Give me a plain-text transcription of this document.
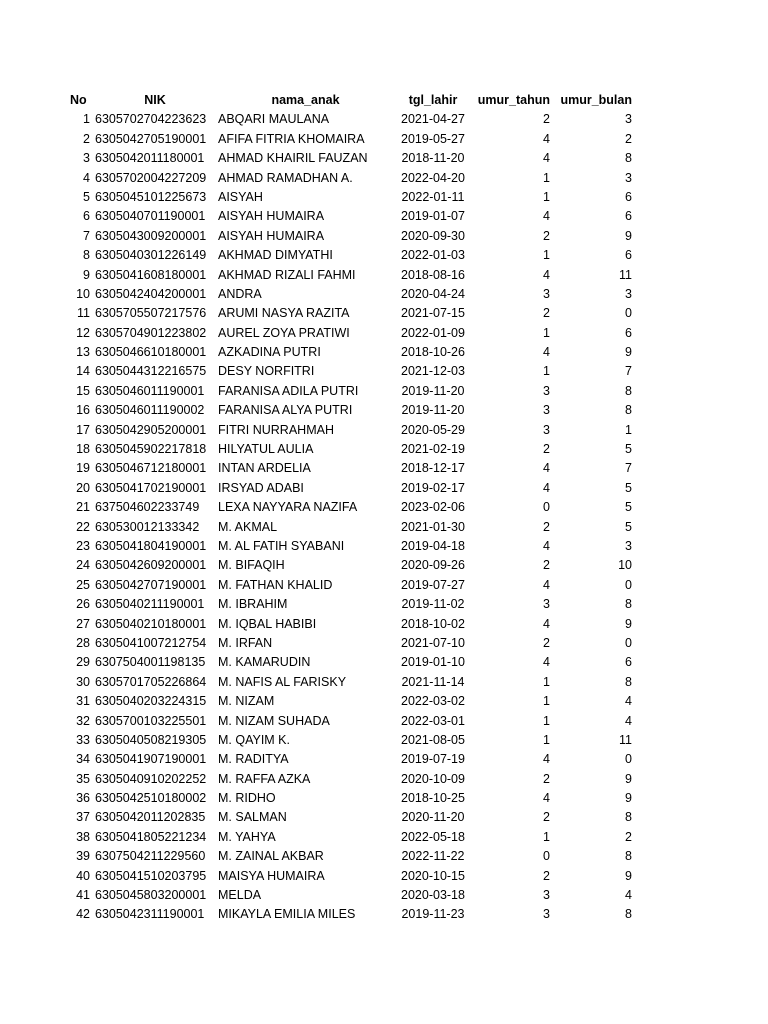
No	NIK	nama_anak	tgl_lahir	umur_tahun umur_bulan
1 6305702704223623 ABQARI MAULANA	2021-04-27	2	3
2 6305042705190001 AFIFA FITRIA KHOMAIRA	2019-05-27	4	2
3 6305042011180001	AHMAD KHAIRIL FAUZAN	2018-11-20	4	8
4 6305702004227209 AHMAD RAMADHAN A.	2022-04-20	1	3
5 6305045101225673 AISYAH	2022-01-11	1	6
6 6305040701190001	AISYAH HUMAIRA	2019-01-07	4	6
7 6305043009200001 AISYAH HUMAIRA	2020-09-30	2	9
8 6305040301226149 AKHMAD DIMYATHI	2022-01-03	1	6
9 6305041608180001 AKHMAD RIZALI FAHMI	2018-08-16	4	11
10 6305042404200001 ANDRA	2020-04-24	3	3
11 6305705507217576 ARUMI NASYA RAZITA	2021-07-15	2	0
12 6305704901223802 AUREL ZOYA PRATIWI	2022-01-09	1	6
13 6305046610180001 AZKADINA PUTRI	2018-10-26	4	9
14 6305044312216575 DESY NORFITRI	2021-12-03	1	7
15 6305046011190001	FARANISA ADILA PUTRI	2019-11-20	3	8
16 6305046011190002	FARANISA ALYA PUTRI	2019-11-20	3	8
17 6305042905200001 FITRI NURRAHMAH	2020-05-29	3	1
18 6305045902217818 HILYATUL AULIA	2021-02-19	2	5
19 6305046712180001 INTAN ARDELIA	2018-12-17	4	7
20 6305041702190001 IRSYAD ADABI	2019-02-17	4	5
21 637504602233749	LEXA NAYYARA NAZIFA	2023-02-06	0	5
22 630530012133342	M. AKMAL	2021-01-30	2	5
23 6305041804190001 M. AL FATIH SYABANI	2019-04-18	4	3
24 6305042609200001 M. BIFAQIH	2020-09-26	2	10
25 6305042707190001 M. FATHAN KHALID	2019-07-27	4	0
26 6305040211190001	M. IBRAHIM	2019-11-02	3	8
27 6305040210180001 M. IQBAL HABIBI	2018-10-02	4	9
28 6305041007212754 M. IRFAN	2021-07-10	2	0
29 6307504001198135	M. KAMARUDIN	2019-01-10	4	6
30 6305701705226864 M. NAFIS AL FARISKY	2021-11-14	1	8
31 6305040203224315 M. NIZAM	2022-03-02	1	4
32 6305700103225501 M. NIZAM SUHADA	2022-03-01	1	4
33 6305040508219305 M. QAYIM K.	2021-08-05	1	11
34 6305041907190001 M. RADITYA	2019-07-19	4	0
35 6305040910202252 M. RAFFA AZKA	2020-10-09	2	9
36 6305042510180002 M. RIDHO	2018-10-25	4	9
37 6305042011202835	M. SALMAN	2020-11-20	2	8
38 6305041805221234 M. YAHYA	2022-05-18	1	2
39 6307504211229560	M. ZAINAL AKBAR	2022-11-22	0	8
40 6305041510203795 MAISYA HUMAIRA	2020-10-15	2	9
41 6305045803200001 MELDA	2020-03-18	3	4
42 6305042311190001	MIKAYLA EMILIA MILES	2019-11-23	3	8
